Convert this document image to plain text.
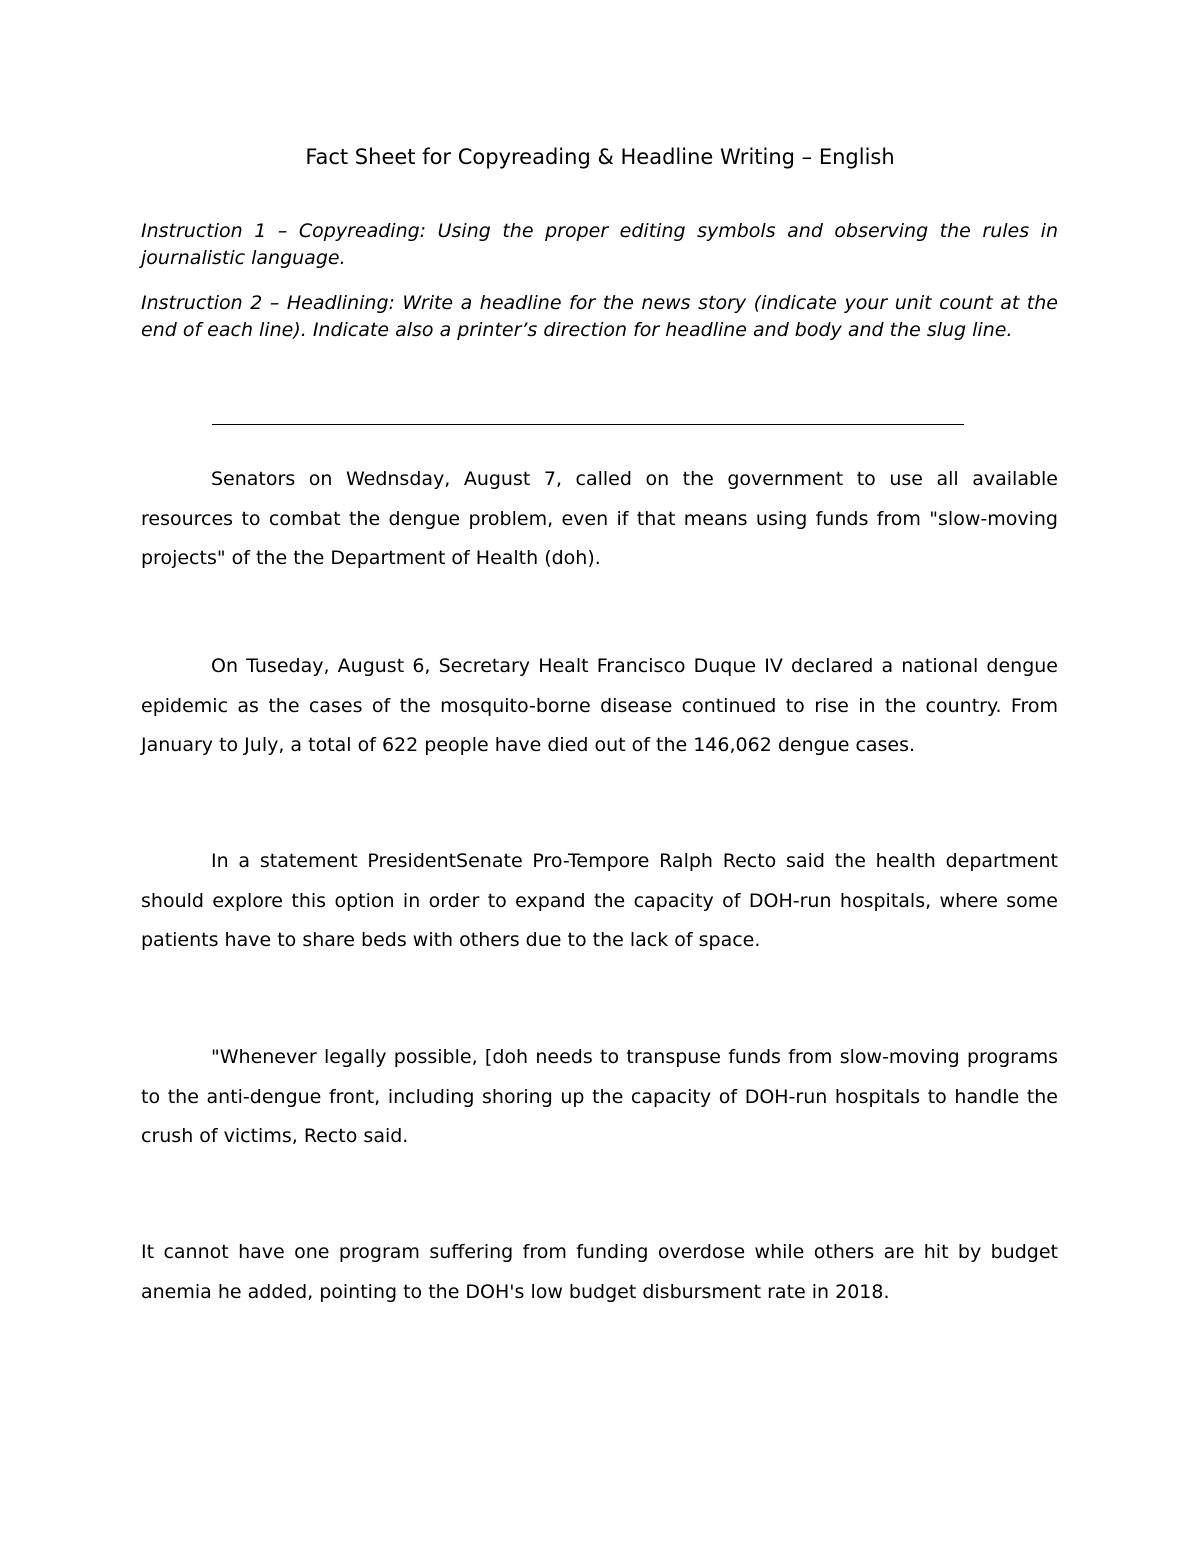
Fact Sheet for Copyreading & Headline Writing – English

Instruction 1 – Copyreading: Using the proper editing symbols and observing the rules in journalistic language.

Instruction 2 – Headlining: Write a headline for the news story (indicate your unit count at the end of each line). Indicate also a printer’s direction for headline and body and the slug line.

Senators on Wednsday, August 7, called on the government to use all available resources to combat the dengue problem, even if that means using funds from "slow-moving projects" of the the Department of Health (doh).

On Tuseday, August 6, Secretary Healt Francisco Duque IV declared a national dengue epidemic as the cases of the mosquito-borne disease continued to rise in the country. From January to July, a total of 622 people have died out of the 146,062 dengue cases.

In a statement PresidentSenate Pro-Tempore Ralph Recto said the health department should explore this option in order to expand the capacity of DOH-run hospitals, where some patients have to share beds with others due to the lack of space.

"Whenever legally possible, [doh needs to transpuse funds from slow-moving programs to the anti-dengue front, including shoring up the capacity of DOH-run hospitals to handle the crush of victims, Recto said.

It cannot have one program suffering from funding overdose while others are hit by budget anemia he added, pointing to the DOH's low budget disbursment rate in 2018.
